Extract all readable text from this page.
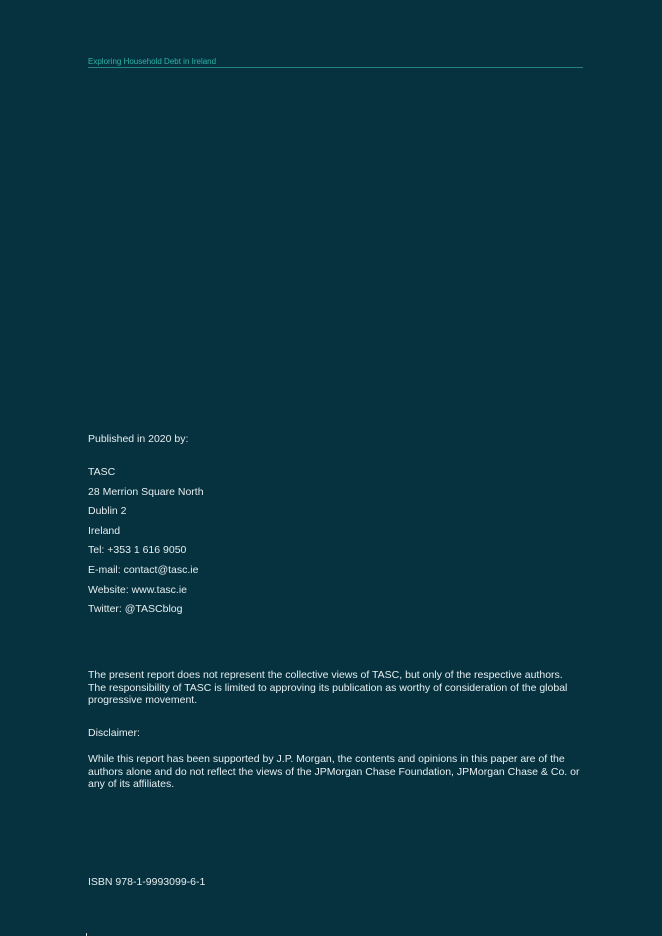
Exploring Household Debt in Ireland
Published in 2020 by:
TASC
28 Merrion Square North
Dublin 2
Ireland
Tel: +353 1 616 9050
E-mail: contact@tasc.ie
Website: www.tasc.ie
Twitter: @TASCblog

The present report does not represent the collective views of TASC, but only of the respective authors. The responsibility of TASC is limited to approving its publication as worthy of consideration of the global progressive movement.

Disclaimer:

While this report has been supported by J.P. Morgan, the contents and opinions in this paper are of the authors alone and do not reflect the views of the JPMorgan Chase Foundation, JPMorgan Chase & Co. or any of its affiliates.

ISBN 978-1-9993099-6-1
